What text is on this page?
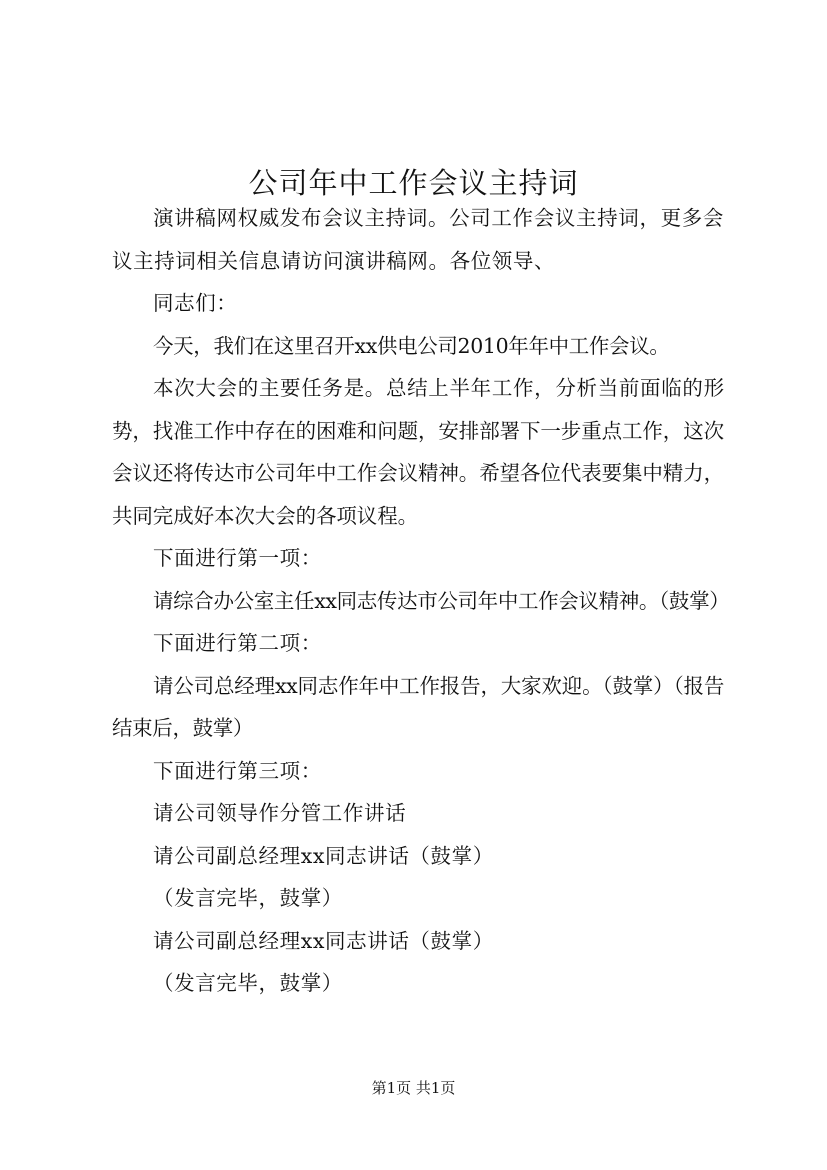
公司年中工作会议主持词

演讲稿网权威发布会议主持词。公司工作会议主持词，更多会议主持词相关信息请访问演讲稿网。各位领导、

同志们：

今天，我们在这里召开xx供电公司2010年年中工作会议。

本次大会的主要任务是。总结上半年工作，分析当前面临的形势，找准工作中存在的困难和问题，安排部署下一步重点工作，这次会议还将传达市公司年中工作会议精神。希望各位代表要集中精力，共同完成好本次大会的各项议程。

下面进行第一项：

请综合办公室主任xx同志传达市公司年中工作会议精神。（鼓掌）

下面进行第二项：

请公司总经理xx同志作年中工作报告，大家欢迎。（鼓掌）（报告结束后，鼓掌）

下面进行第三项：

请公司领导作分管工作讲话

请公司副总经理xx同志讲话（鼓掌）

（发言完毕，鼓掌）

请公司副总经理xx同志讲话（鼓掌）

（发言完毕，鼓掌）

第1页 共1页
